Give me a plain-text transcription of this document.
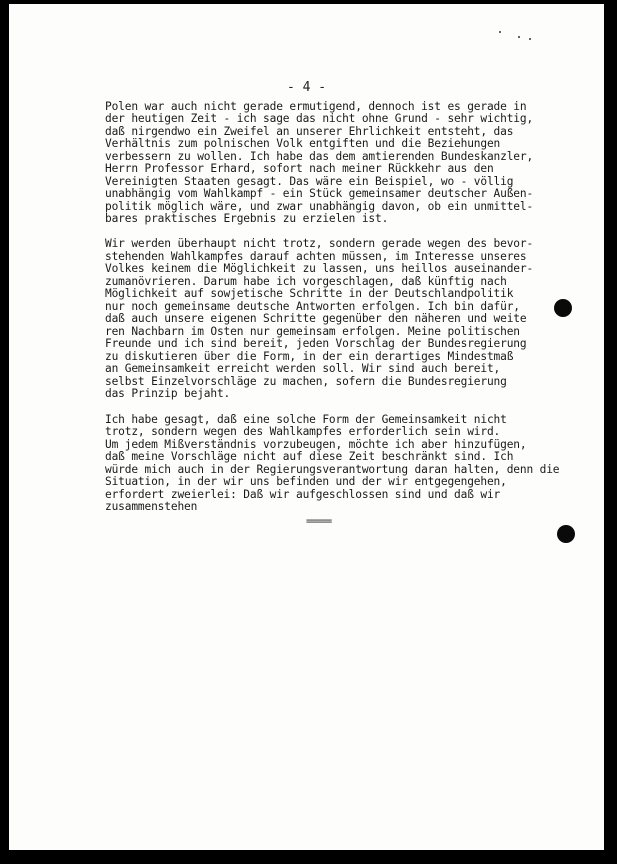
- 4 -
Polen war auch nicht gerade ermutigend, dennoch ist es gerade in
der heutigen Zeit - ich sage das nicht ohne Grund - sehr wichtig,
daß nirgendwo ein Zweifel an unserer Ehrlichkeit entsteht, das
Verhältnis zum polnischen Volk entgiften und die Beziehungen
verbessern zu wollen. Ich habe das dem amtierenden Bundeskanzler,
Herrn Professor Erhard, sofort nach meiner Rückkehr aus den
Vereinigten Staaten gesagt. Das wäre ein Beispiel, wo - völlig
unabhängig vom Wahlkampf - ein Stück gemeinsamer deutscher Außen-
politik möglich wäre, und zwar unabhängig davon, ob ein unmittel-
bares praktisches Ergebnis zu erzielen ist.
Wir werden überhaupt nicht trotz, sondern gerade wegen des bevor-
stehenden Wahlkampfes darauf achten müssen, im Interesse unseres
Volkes keinem die Möglichkeit zu lassen, uns heillos auseinander-
zumanövrieren. Darum habe ich vorgeschlagen, daß künftig nach
Möglichkeit auf sowjetische Schritte in der Deutschlandpolitik
nur noch gemeinsame deutsche Antworten erfolgen. Ich bin dafür,
daß auch unsere eigenen Schritte gegenüber den näheren und weite
ren Nachbarn im Osten nur gemeinsam erfolgen. Meine politischen
Freunde und ich sind bereit, jeden Vorschlag der Bundesregierung
zu diskutieren über die Form, in der ein derartiges Mindestmaß
an Gemeinsamkeit erreicht werden soll. Wir sind auch bereit,
selbst Einzelvorschläge zu machen, sofern die Bundesregierung
das Prinzip bejaht.
Ich habe gesagt, daß eine solche Form der Gemeinsamkeit nicht
trotz, sondern wegen des Wahlkampfes erforderlich sein wird.
Um jedem Mißverständnis vorzubeugen, möchte ich aber hinzufügen,
daß meine Vorschläge nicht auf diese Zeit beschränkt sind. Ich
würde mich auch in der Regierungsverantwortung daran halten, denn die
Situation, in der wir uns befinden und der wir entgegengehen,
erfordert zweierlei: Daß wir aufgeschlossen sind und daß wir
zusammenstehen
=====
